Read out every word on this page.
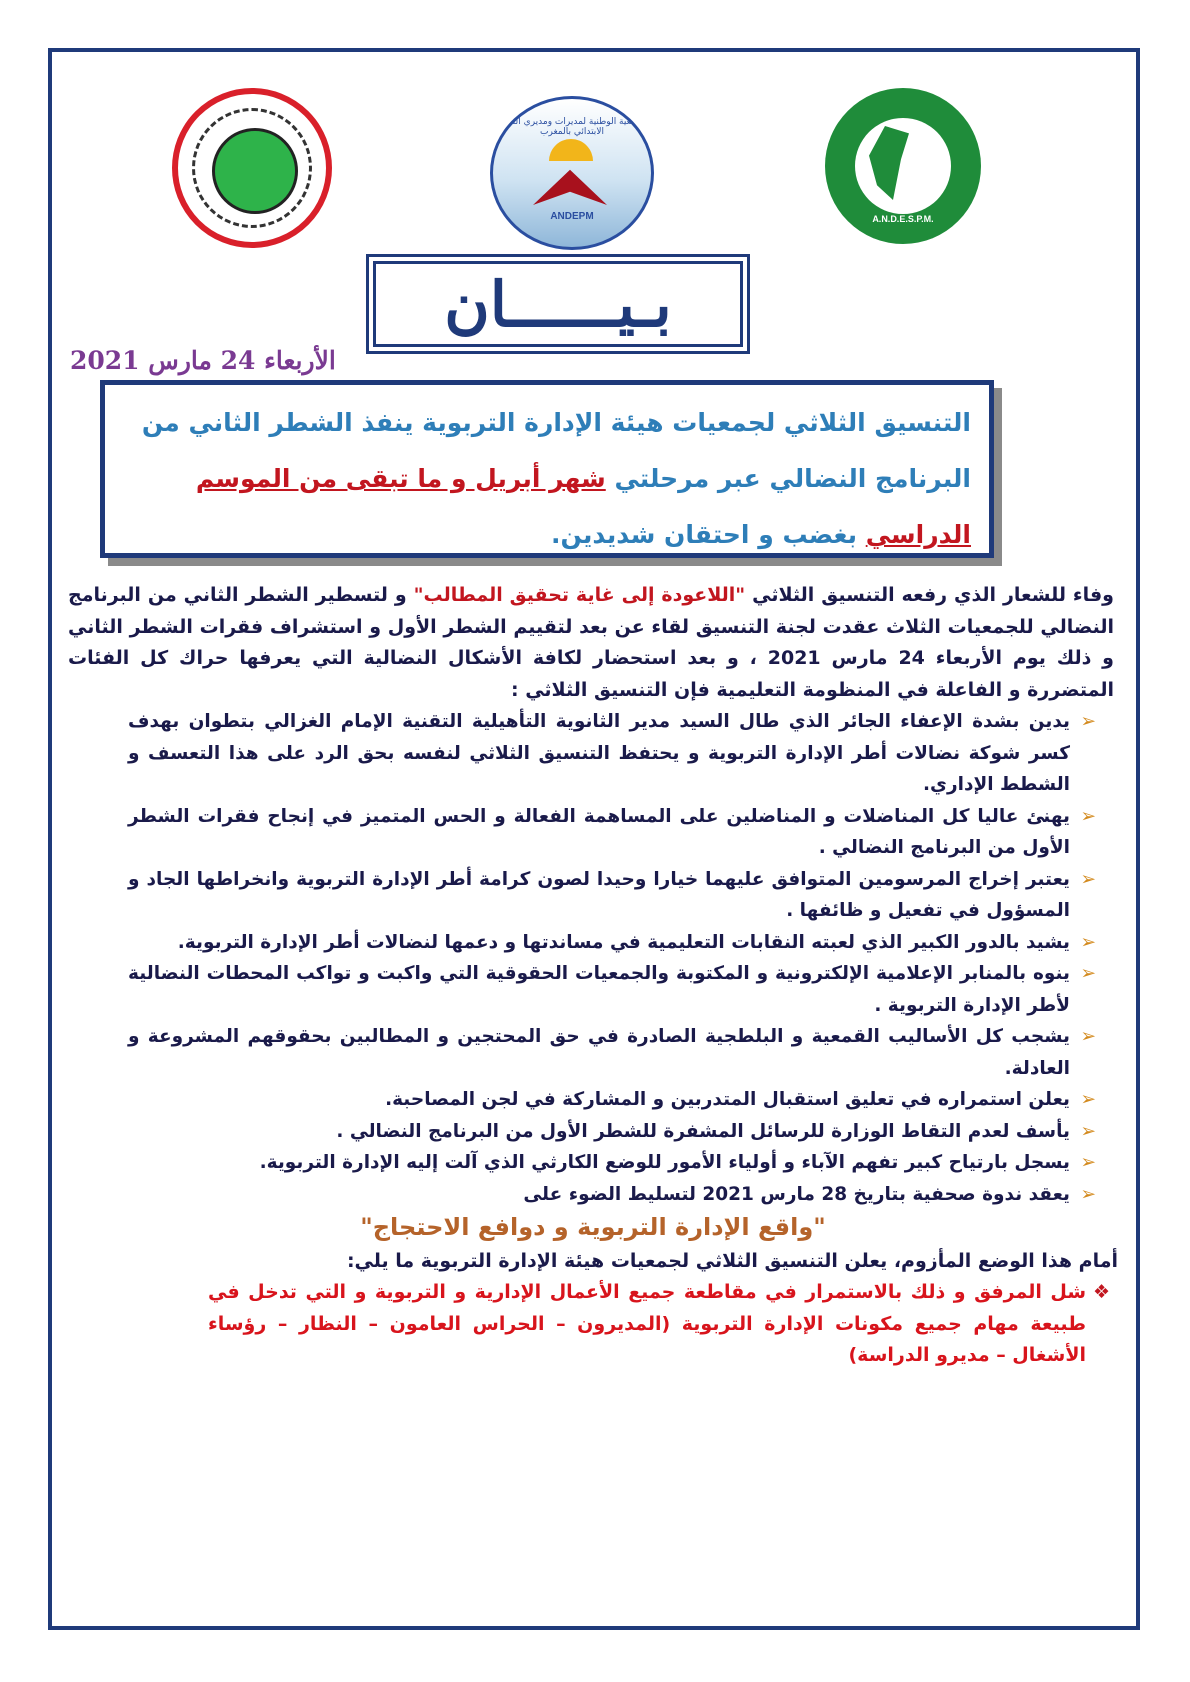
الجمعية الوطنية لمديرات ومديري التعليم الابتدائي بالمغرب
ANDEPM	A.N.D.E.S.P.M.
بـيــــــان
الأربعاء 24 مارس 2021
التنسيق الثلاثي لجمعيات هيئة الإدارة التربوية ينفذ الشطر الثاني من البرنامج النضالي عبر مرحلتي شهر أبريل و ما تبقى من الموسم الدراسي بغضب و احتقان شديدين.
وفاء للشعار الذي رفعه التنسيق الثلاثي "اللاعودة إلى غاية تحقيق المطالب" و لتسطير الشطر الثاني من البرنامج النضالي للجمعيات الثلاث عقدت لجنة التنسيق لقاء عن بعد لتقييم الشطر الأول و استشراف فقرات الشطر الثاني و ذلك يوم الأربعاء 24 مارس 2021 ، و بعد استحضار لكافة الأشكال النضالية التي يعرفها حراك كل الفئات المتضررة و الفاعلة في المنظومة التعليمية فإن التنسيق الثلاثي :
➢
يدين بشدة الإعفاء الجائر الذي طال السيد مدير الثانوية التأهيلية التقنية الإمام الغزالي بتطوان بهدف كسر شوكة نضالات أطر الإدارة التربوية و يحتفظ التنسيق الثلاثي لنفسه بحق الرد على هذا التعسف و الشطط الإداري.
➢
يهنئ عاليا كل المناضلات و المناضلين على المساهمة الفعالة و الحس المتميز في إنجاح فقرات الشطر الأول من البرنامج النضالي .
➢
يعتبر إخراج المرسومين المتوافق عليهما خيارا وحيدا لصون كرامة أطر الإدارة التربوية وانخراطها الجاد و المسؤول في تفعيل و ظائفها .
➢
يشيد بالدور الكبير الذي لعبته النقابات التعليمية في مساندتها و دعمها لنضالات أطر الإدارة التربوية.
➢
ينوه بالمنابر الإعلامية الإلكترونية و المكتوبة والجمعيات الحقوقية التي واكبت و تواكب المحطات النضالية لأطر الإدارة التربوية .
➢
يشجب كل الأساليب القمعية و البلطجية الصادرة في حق المحتجين و المطالبين بحقوقهم المشروعة و العادلة.
➢
يعلن استمراره في تعليق استقبال المتدربين و المشاركة في لجن المصاحبة.
➢
يأسف لعدم التقاط الوزارة للرسائل المشفرة للشطر الأول من البرنامج النضالي .
➢
يسجل بارتياح كبير تفهم الآباء و أولياء الأمور للوضع الكارثي الذي آلت إليه الإدارة التربوية.
➢
يعقد ندوة صحفية بتاريخ 28 مارس 2021 لتسليط الضوء على
"واقع الإدارة التربوية و دوافع الاحتجاج"
أمام هذا الوضع المأزوم، يعلن التنسيق الثلاثي لجمعيات هيئة الإدارة التربوية ما يلي:
❖
شل المرفق و ذلك بالاستمرار في مقاطعة جميع الأعمال الإدارية و التربوية و التي تدخل في طبيعة مهام جميع مكونات الإدارة التربوية (المديرون – الحراس العامون – النظار – رؤساء الأشغال – مديرو الدراسة)
